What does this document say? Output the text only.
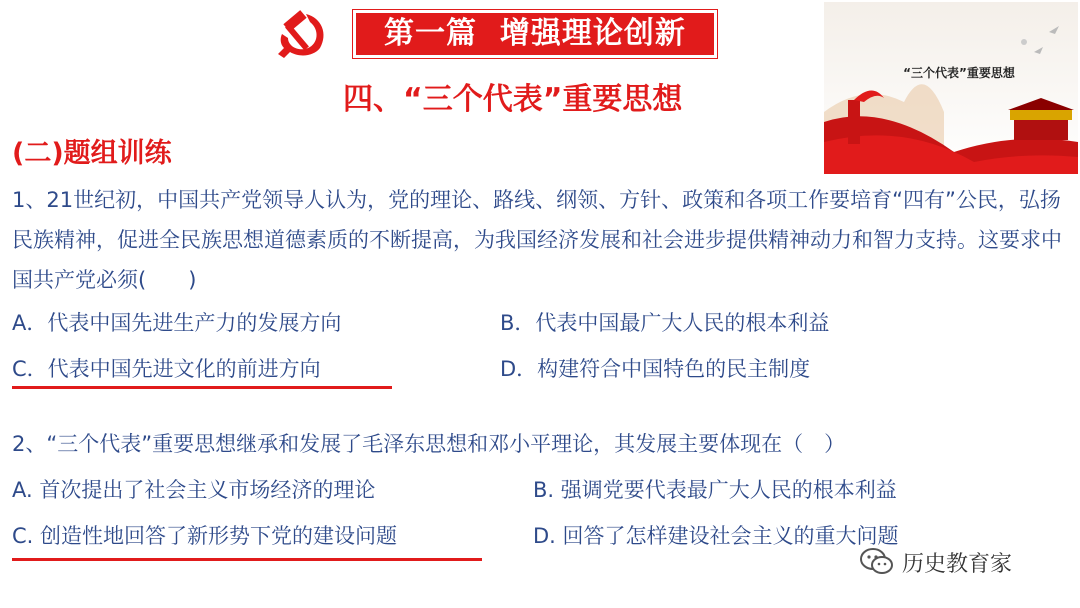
第一篇  增强理论创新
四、“三个代表”重要思想
“三个代表”重要思想
(二)题组训练
1、21世纪初，中国共产党领导人认为，党的理论、路线、纲领、方针、政策和各项工作要培育“四有”公民，弘扬民族精神，促进全民族思想道德素质的不断提高，为我国经济发展和社会进步提供精神动力和智力支持。这要求中国共产党必须(　　)
A．代表中国先进生产力的发展方向	B．代表中国最广大人民的根本利益
C．代表中国先进文化的前进方向	D．构建符合中国特色的民主制度
2、“三个代表”重要思想继承和发展了毛泽东思想和邓小平理论，其发展主要体现在（　）
A. 首次提出了社会主义市场经济的理论	B. 强调党要代表最广大人民的根本利益
C. 创造性地回答了新形势下党的建设问题	D. 回答了怎样建设社会主义的重大问题
历史教育家
